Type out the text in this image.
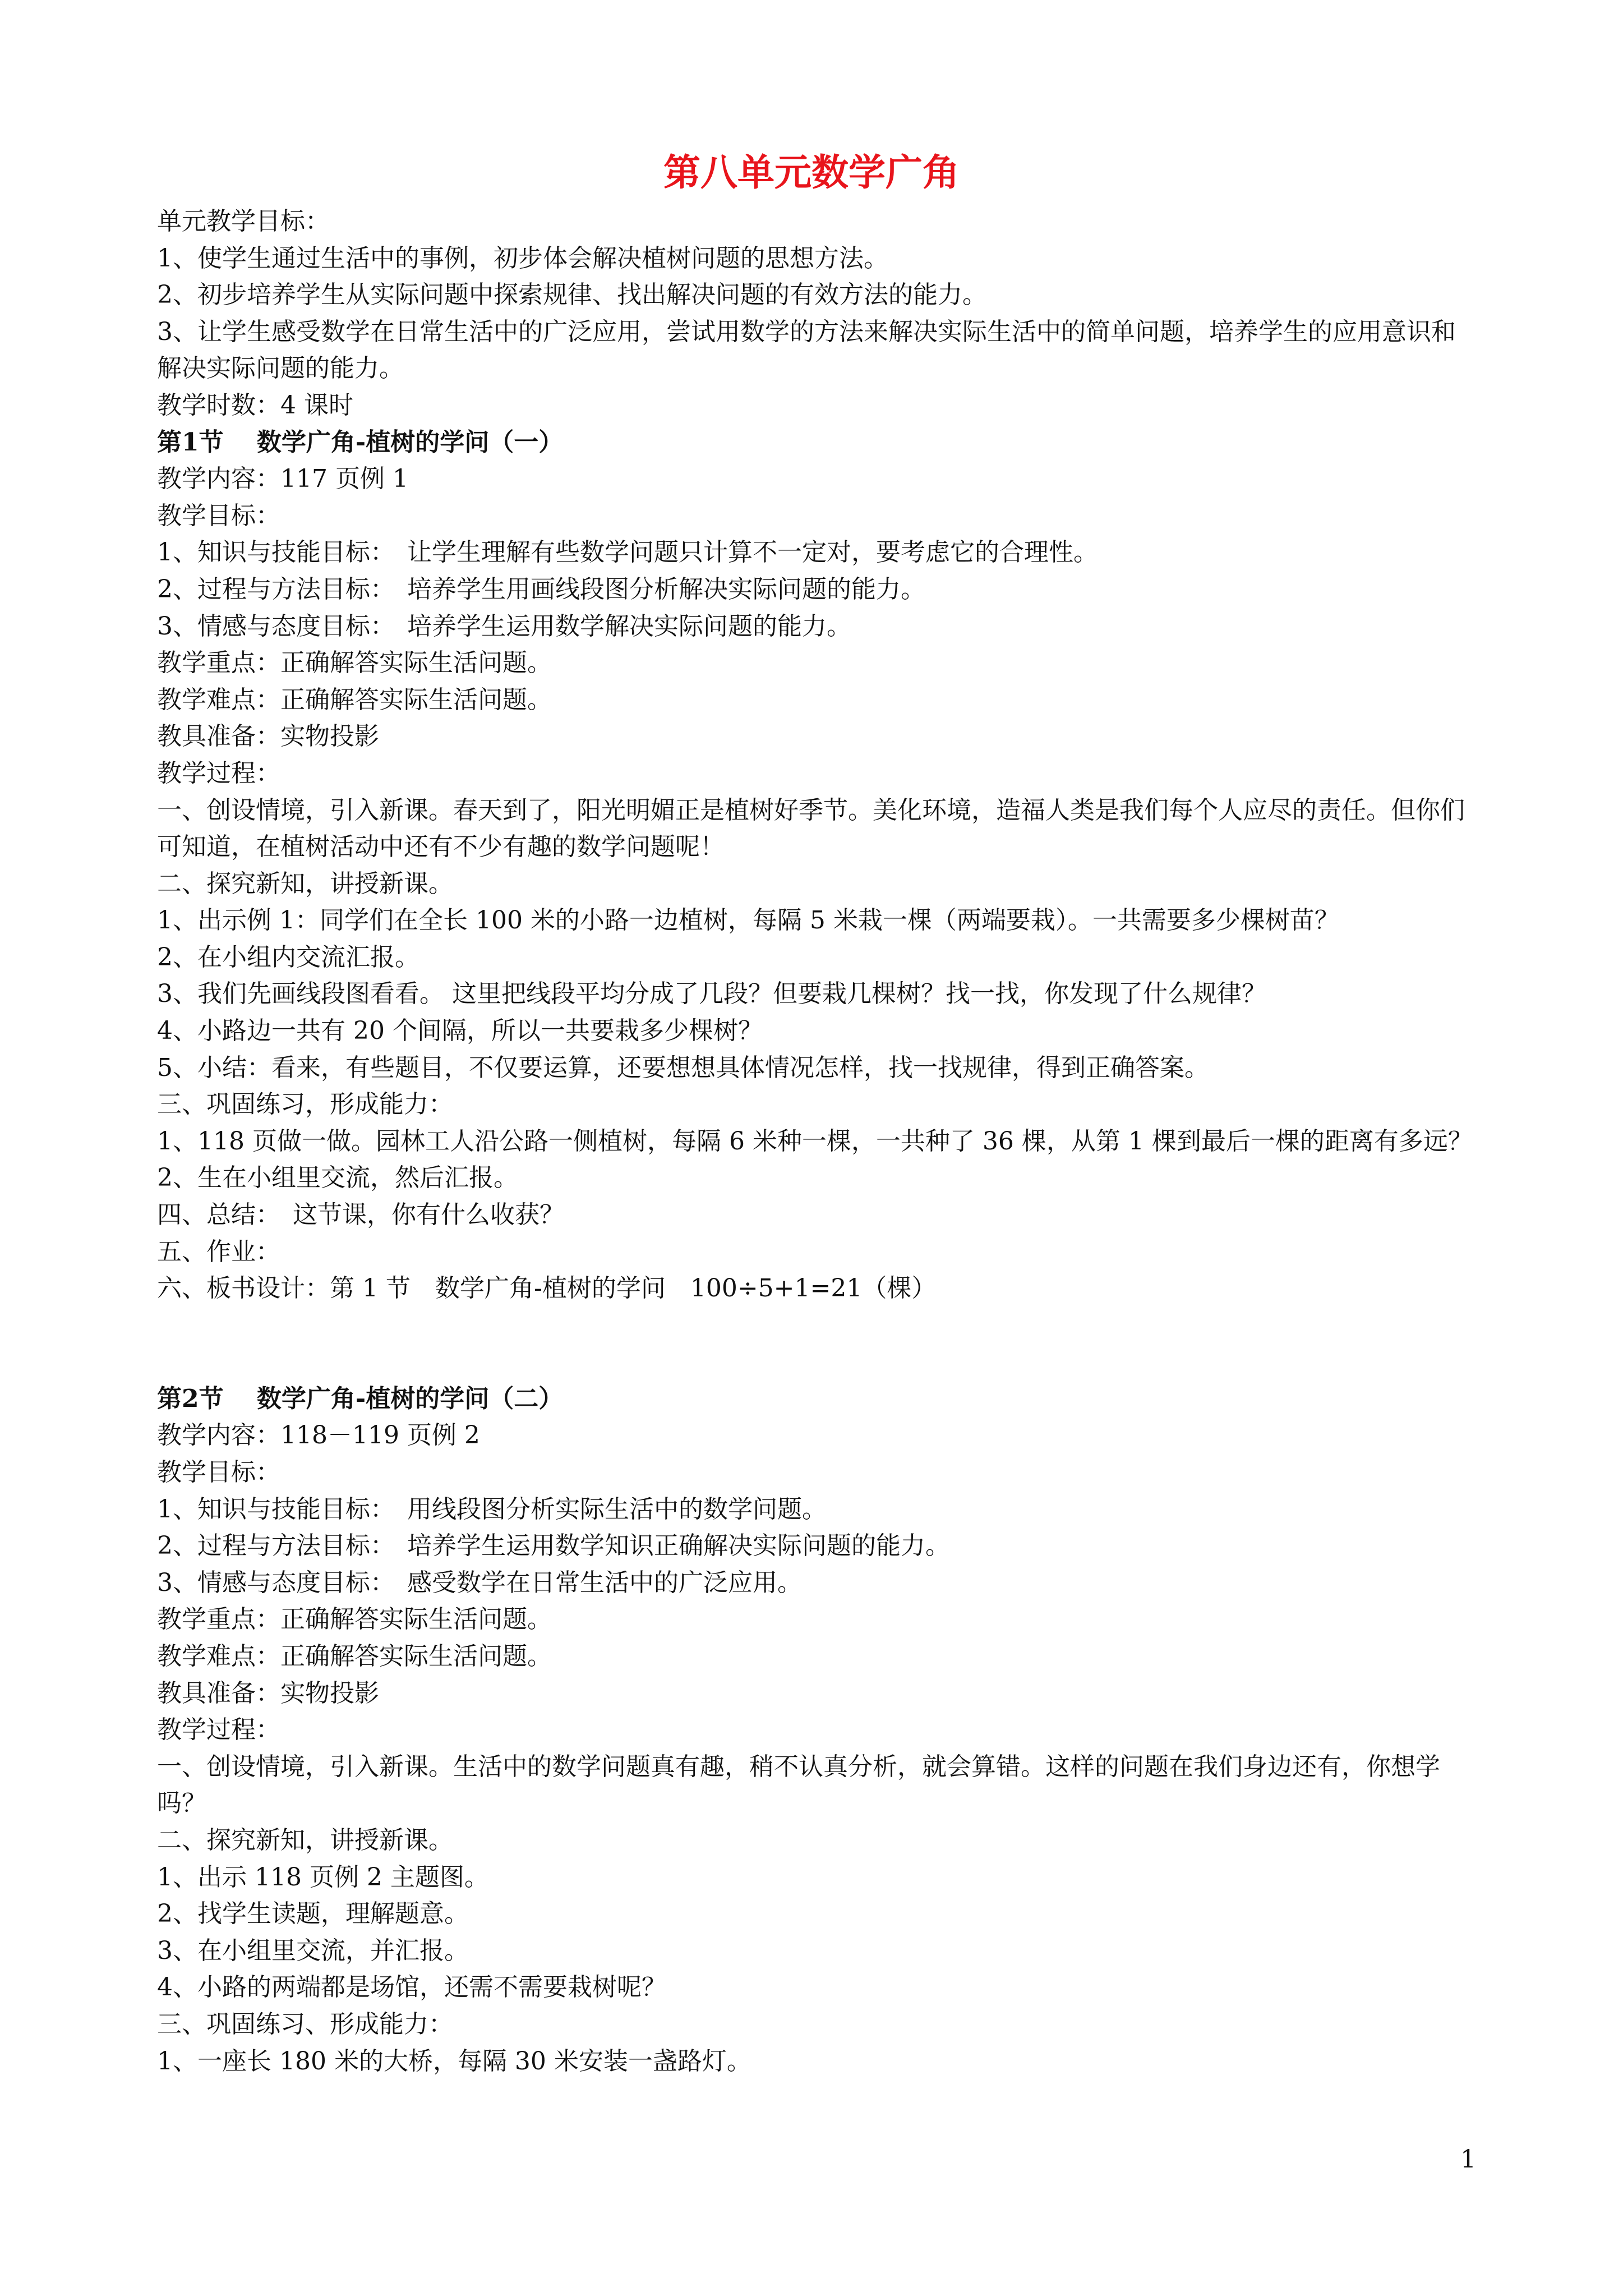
第八单元数学广角
单元教学目标：
1、使学生通过生活中的事例，初步体会解决植树问题的思想方法。
2、初步培养学生从实际问题中探索规律、找出解决问题的有效方法的能力。
3、让学生感受数学在日常生活中的广泛应用，尝试用数学的方法来解决实际生活中的简单问题，培养学生的应用意识和解决实际问题的能力。
教学时数：4 课时
第1节　 数学广角-植树的学问（一）
教学内容：117 页例 1
教学目标：
1、知识与技能目标：　让学生理解有些数学问题只计算不一定对，要考虑它的合理性。
2、过程与方法目标：　培养学生用画线段图分析解决实际问题的能力。
3、情感与态度目标：　培养学生运用数学解决实际问题的能力。
教学重点：正确解答实际生活问题。
教学难点：正确解答实际生活问题。
教具准备：实物投影
教学过程：
一、创设情境，引入新课。春天到了，阳光明媚正是植树好季节。美化环境，造福人类是我们每个人应尽的责任。但你们可知道，在植树活动中还有不少有趣的数学问题呢！
二、探究新知，讲授新课。
1、出示例 1：同学们在全长 100 米的小路一边植树，每隔 5 米栽一棵（两端要栽）。一共需要多少棵树苗？
2、在小组内交流汇报。
3、我们先画线段图看看。 这里把线段平均分成了几段？但要栽几棵树？找一找，你发现了什么规律？
4、小路边一共有 20 个间隔，所以一共要栽多少棵树？
5、小结：看来，有些题目，不仅要运算，还要想想具体情况怎样，找一找规律，得到正确答案。
三、巩固练习，形成能力：
1、118 页做一做。园林工人沿公路一侧植树，每隔 6 米种一棵，一共种了 36 棵，从第 1 棵到最后一棵的距离有多远？
2、生在小组里交流，然后汇报。
四、总结：　这节课，你有什么收获？
五、作业：
六、板书设计：第 1 节　数学广角-植树的学问　100÷5+1=21（棵）
第2节　 数学广角-植树的学问（二）
教学内容：118－119 页例 2
教学目标：
1、知识与技能目标：　用线段图分析实际生活中的数学问题。
2、过程与方法目标：　培养学生运用数学知识正确解决实际问题的能力。
3、情感与态度目标：　感受数学在日常生活中的广泛应用。
教学重点：正确解答实际生活问题。
教学难点：正确解答实际生活问题。
教具准备：实物投影
教学过程：
一、创设情境，引入新课。生活中的数学问题真有趣，稍不认真分析，就会算错。这样的问题在我们身边还有，你想学吗？
二、探究新知，讲授新课。
1、出示 118 页例 2 主题图。
2、找学生读题，理解题意。
3、在小组里交流，并汇报。
4、小路的两端都是场馆，还需不需要栽树呢？
三、巩固练习、形成能力：
1、一座长 180 米的大桥，每隔 30 米安装一盏路灯。
1
